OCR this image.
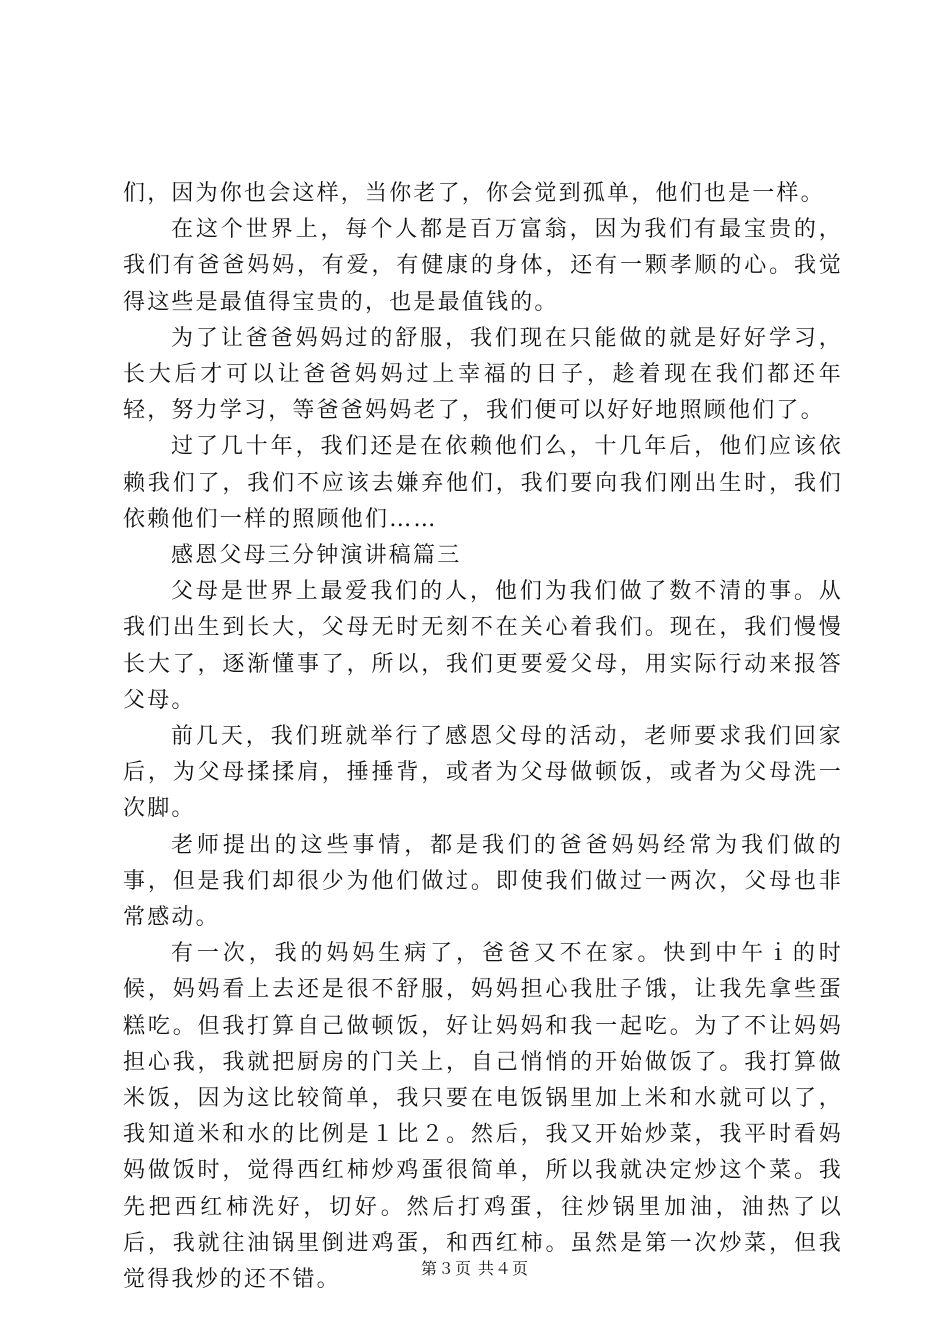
们，因为你也会这样，当你老了，你会觉到孤单，他们也是一样。

在这个世界上，每个人都是百万富翁，因为我们有最宝贵的，我们有爸爸妈妈，有爱，有健康的身体，还有一颗孝顺的心。我觉得这些是最值得宝贵的，也是最值钱的。

为了让爸爸妈妈过的舒服，我们现在只能做的就是好好学习，长大后才可以让爸爸妈妈过上幸福的日子，趁着现在我们都还年轻，努力学习，等爸爸妈妈老了，我们便可以好好地照顾他们了。

过了几十年，我们还是在依赖他们么，十几年后，他们应该依赖我们了，我们不应该去嫌弃他们，我们要向我们刚出生时，我们依赖他们一样的照顾他们……

感恩父母三分钟演讲稿篇三

父母是世界上最爱我们的人，他们为我们做了数不清的事。从我们出生到长大，父母无时无刻不在关心着我们。现在，我们慢慢长大了，逐渐懂事了，所以，我们更要爱父母，用实际行动来报答父母。

前几天，我们班就举行了感恩父母的活动，老师要求我们回家后，为父母揉揉肩，捶捶背，或者为父母做顿饭，或者为父母洗一次脚。

老师提出的这些事情，都是我们的爸爸妈妈经常为我们做的事，但是我们却很少为他们做过。即使我们做过一两次，父母也非常感动。

有一次，我的妈妈生病了，爸爸又不在家。快到中午ｉ的时候，妈妈看上去还是很不舒服，妈妈担心我肚子饿，让我先拿些蛋糕吃。但我打算自己做顿饭，好让妈妈和我一起吃。为了不让妈妈担心我，我就把厨房的门关上，自己悄悄的开始做饭了。我打算做米饭，因为这比较简单，我只要在电饭锅里加上米和水就可以了，我知道米和水的比例是１比２。然后，我又开始炒菜，我平时看妈妈做饭时，觉得西红柿炒鸡蛋很简单，所以我就决定炒这个菜。我先把西红柿洗好，切好。然后打鸡蛋，往炒锅里加油，油热了以后，我就往油锅里倒进鸡蛋，和西红柿。虽然是第一次炒菜，但我觉得我炒的还不错。	第３页 共４页
